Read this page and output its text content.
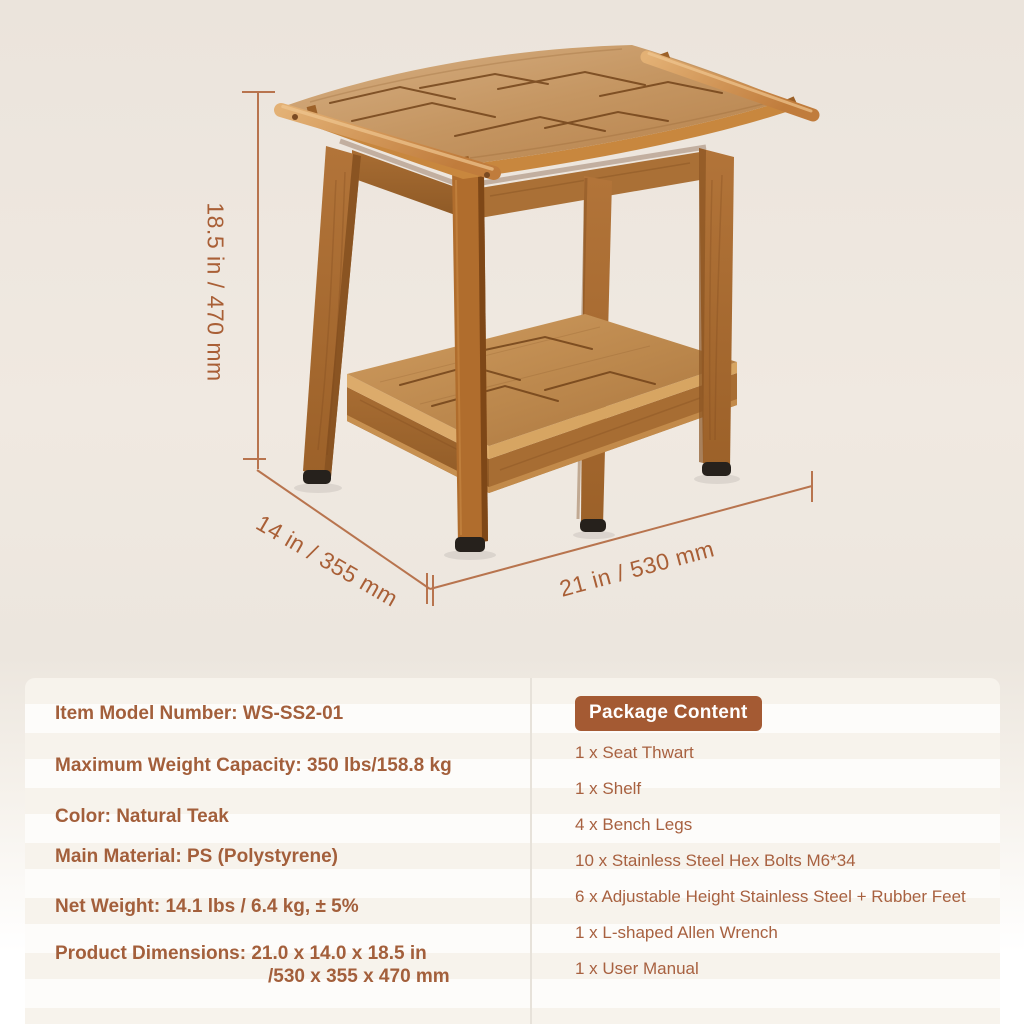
18.5 in / 470 mm
14 in / 355 mm	21 in / 530 mm
Item Model Number: WS-SS2-01
Maximum Weight Capacity: 350 lbs/158.8 kg
Color: Natural Teak
Main Material: PS (Polystyrene)
Net Weight: 14.1 lbs / 6.4 kg, ± 5%
Product Dimensions: 21.0 x 14.0 x 18.5 in
/530 x 355 x 470 mm
Package Content
1 x Seat Thwart
1 x Shelf
4 x Bench Legs
10 x Stainless Steel Hex Bolts M6*34
6 x Adjustable Height Stainless Steel + Rubber Feet
1 x L-shaped Allen Wrench
1 x User Manual
